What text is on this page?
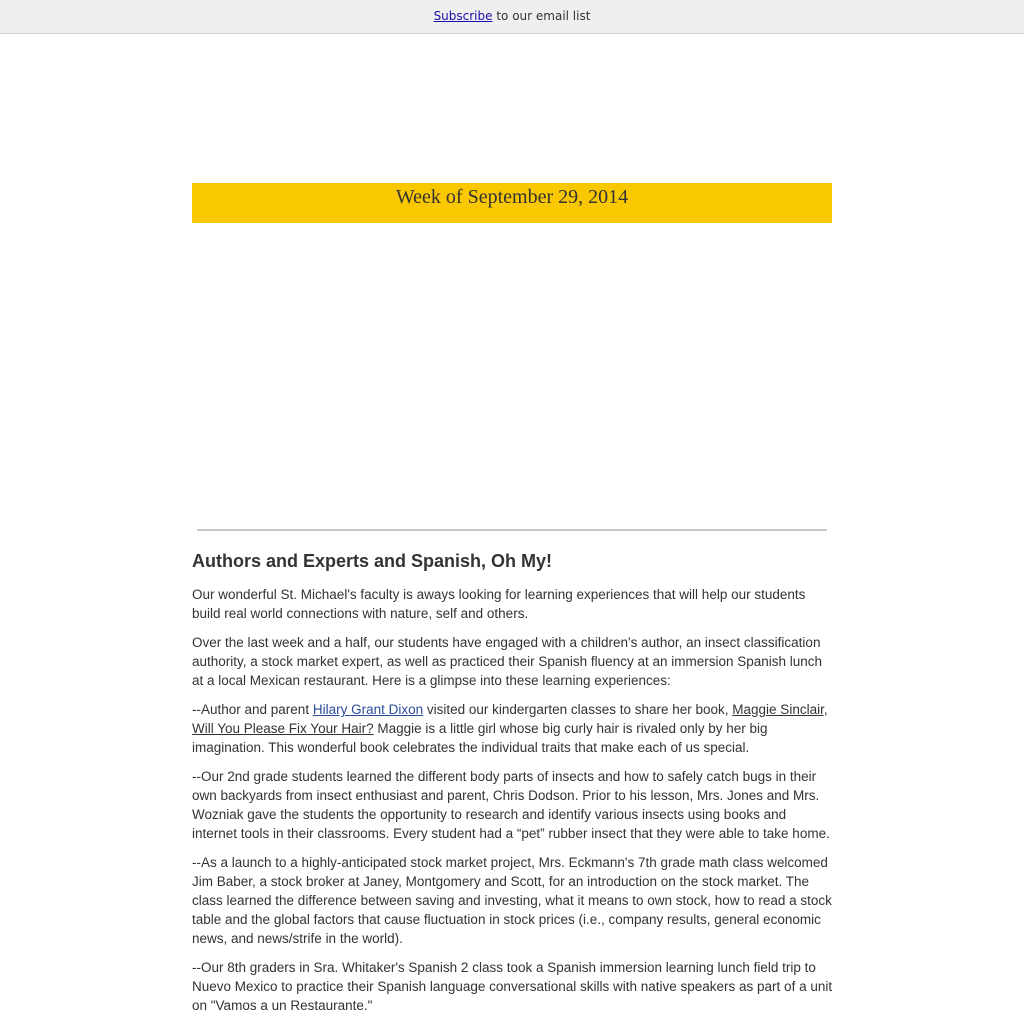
Subscribe to our email list
Week of September 29, 2014
Authors and Experts and Spanish, Oh My!

Our wonderful St. Michael's faculty is aways looking for learning experiences that will help our students build real world connections with nature, self and others.

Over the last week and a half, our students have engaged with a children's author, an insect classification authority, a stock market expert, as well as practiced their Spanish fluency at an immersion Spanish lunch at a local Mexican restaurant. Here is a glimpse into these learning experiences:

--Author and parent Hilary Grant Dixon visited our kindergarten classes to share her book, Maggie Sinclair, Will You Please Fix Your Hair? Maggie is a little girl whose big curly hair is rivaled only by her big imagination. This wonderful book celebrates the individual traits that make each of us special.

--Our 2nd grade students learned the different body parts of insects and how to safely catch bugs in their own backyards from insect enthusiast and parent, Chris Dodson. Prior to his lesson, Mrs. Jones and Mrs. Wozniak gave the students the opportunity to research and identify various insects using books and internet tools in their classrooms. Every student had a “pet” rubber insect that they were able to take home.

--As a launch to a highly-anticipated stock market project, Mrs. Eckmann's 7th grade math class welcomed Jim Baber, a stock broker at Janey, Montgomery and Scott, for an introduction on the stock market. The class learned the difference between saving and investing, what it means to own stock, how to read a stock table and the global factors that cause fluctuation in stock prices (i.e., company results, general economic news, and news/strife in the world).

--Our 8th graders in Sra. Whitaker's Spanish 2 class took a Spanish immersion learning lunch field trip to Nuevo Mexico to practice their Spanish language conversational skills with native speakers as part of a unit on "Vamos a un Restaurante."
